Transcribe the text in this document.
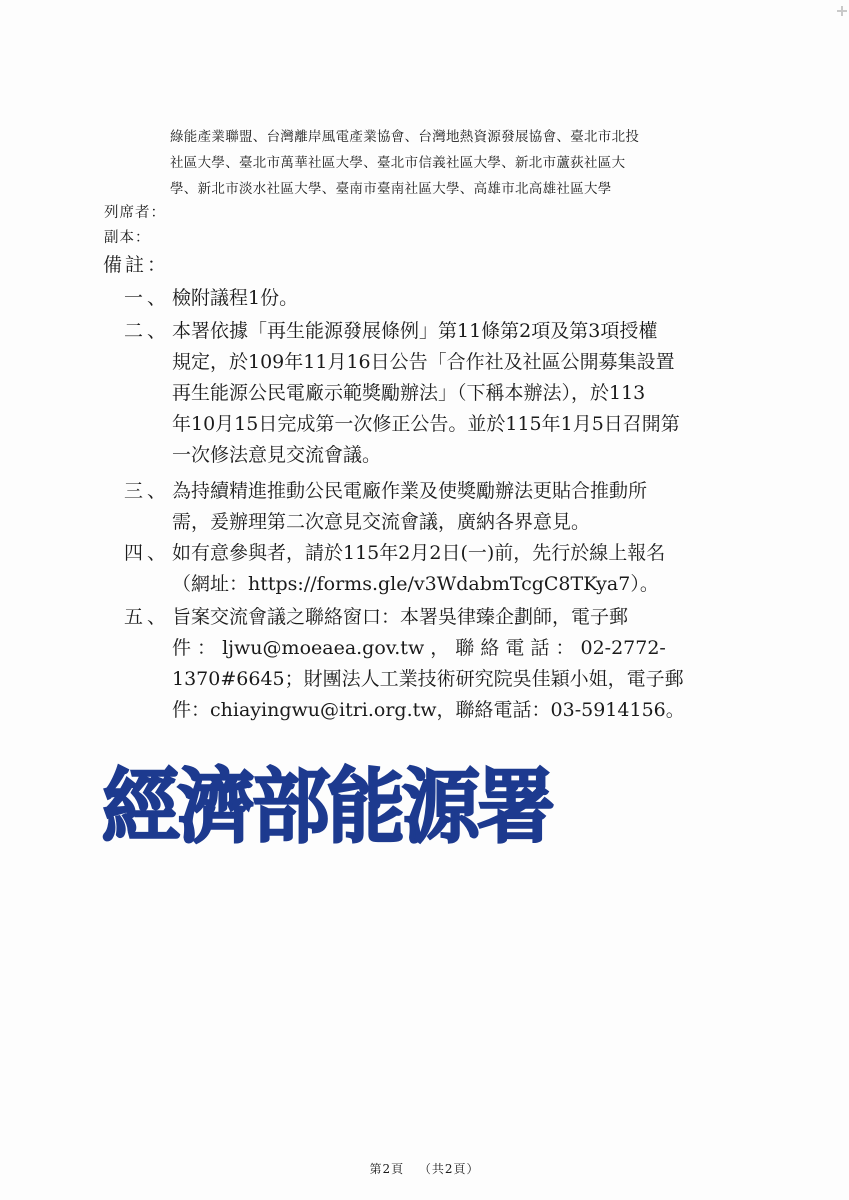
綠能產業聯盟、台灣離岸風電產業協會、台灣地熱資源發展協會、臺北市北投
社區大學、臺北市萬華社區大學、臺北市信義社區大學、新北市蘆荻社區大
學、新北市淡水社區大學、臺南市臺南社區大學、高雄市北高雄社區大學
列席者：
副本：
備註：
一、 檢附議程1份。
二、 本署依據「再生能源發展條例」第11條第2項及第3項授權
規定，於109年11月16日公告「合作社及社區公開募集設置
再生能源公民電廠示範獎勵辦法」（下稱本辦法），於113
年10月15日完成第一次修正公告。並於115年1月5日召開第
一次修法意見交流會議。
三、 為持續精進推動公民電廠作業及使獎勵辦法更貼合推動所
需，爰辦理第二次意見交流會議，廣納各界意見。
四、 如有意參與者，請於115年2月2日(一)前，先行於線上報名
（網址：https://forms.gle/v3WdabmTcgC8TKya7）。
五、 旨案交流會議之聯絡窗口：本署吳律臻企劃師，電子郵
件 ： ljwu@moeaea.gov.tw ， 聯 絡 電 話 ： 02-2772-
1370#6645；財團法人工業技術研究院吳佳穎小姐，電子郵
件：chiayingwu@itri.org.tw，聯絡電話：03-5914156。
經濟部能源署
第2頁 （共2頁）
